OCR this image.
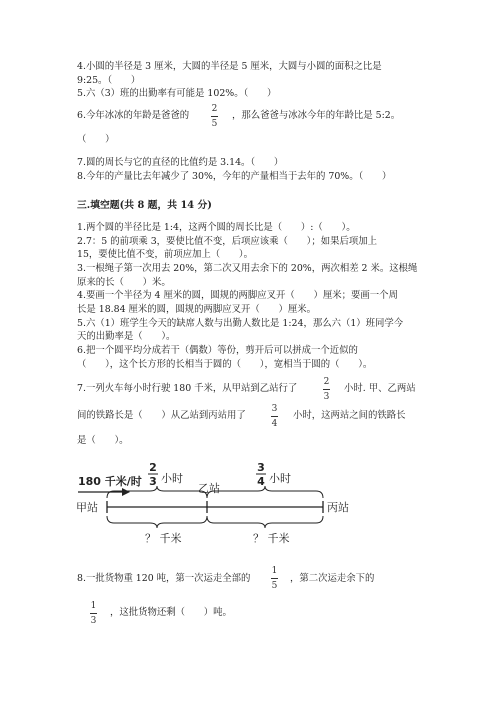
4.小圆的半径是 3 厘米，大圆的半径是 5 厘米，大圆与小圆的面积之比是
9:25。（　　）
5.六（3）班的出勤率有可能是 102%。（　　）
6.今年冰冰的年龄是爸爸的
2
5
，那么爸爸与冰冰今年的年龄比是 5:2。
（　　）
7.圆的周长与它的直径的比值约是 3.14。（　　）
8.今年的产量比去年减少了 30%，今年的产量相当于去年的 70%。（　　）
三.填空题(共 8 题，共 14 分)
1.两个圆的半径比是 1:4，这两个圆的周长比是（　　）:（　　）。
2.7：5 的前项乘 3，要使比值不变，后项应该乘（　　）；如果后项加上
15，要使比值不变，前项应加上（　　）。
3.一根绳子第一次用去 20%，第二次又用去余下的 20%，两次相差 2 米。这根绳
原来的长（　　）米。
4.要画一个半径为 4 厘米的圆，圆规的两脚应叉开（　　）厘米；要画一个周
长是 18.84 厘米的圆，圆规的两脚应叉开（　　）厘米。
5.六（1）班学生今天的缺席人数与出勤人数比是 1:24，那么六（1）班同学今
天的出勤率是（　　）。
6.把一个圆平均分成若干（偶数）等份，剪开后可以拼成一个近似的
（　　），这个长方形的长相当于圆的（　　），宽相当于圆的（　　）。
7.一列火车每小时行驶 180 千米，从甲站到乙站行了
2
3
小时. 甲、乙两站
间的铁路长是（　　）从乙站到丙站用了
3
4
小时，这两站之间的铁路长
是（　　）。
180 千米/时
2
3 小时
3
4 小时
乙站
甲站	丙站
？ 千米	？ 千米
8.一批货物重 120 吨，第一次运走全部的
1
5
，第二次运走余下的
1
3
，这批货物还剩（　　）吨。
